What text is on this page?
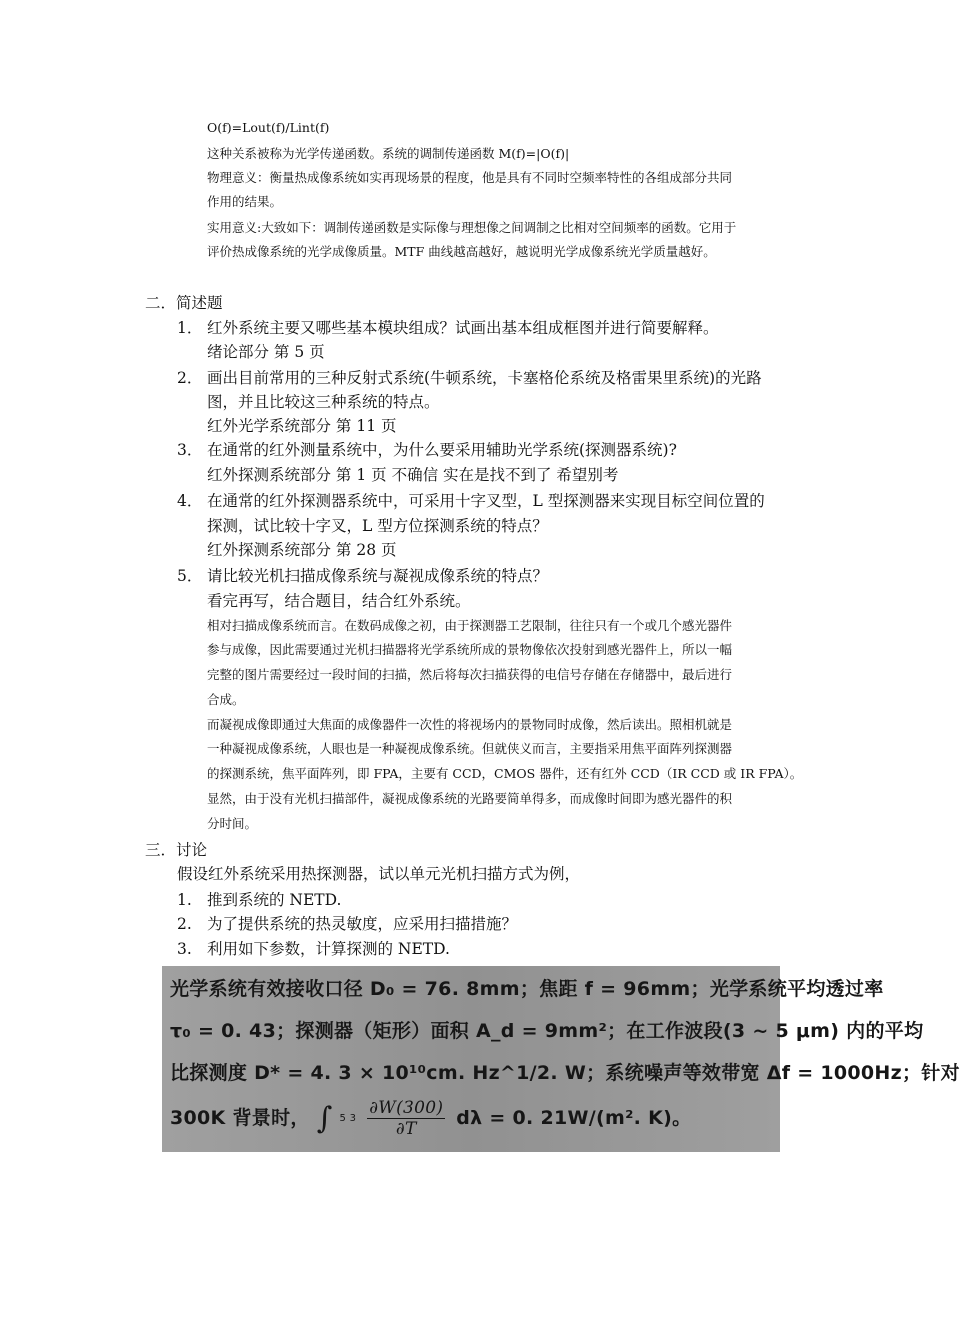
O(f)=Lout(f)/Lint(f)
这种关系被称为光学传递函数。系统的调制传递函数 M(f)=|O(f)|
物理意义：衡量热成像系统如实再现场景的程度，他是具有不同时空频率特性的各组成部分共同
作用的结果。
实用意义:大致如下：调制传递函数是实际像与理想像之间调制之比相对空间频率的函数。它用于
评价热成像系统的光学成像质量。MTF 曲线越高越好，越说明光学成像系统光学质量越好。
二．简述题
1． 红外系统主要又哪些基本模块组成？试画出基本组成框图并进行简要解释。
绪论部分 第 5 页
2． 画出目前常用的三种反射式系统(牛顿系统，卡塞格伦系统及格雷果里系统)的光路
图，并且比较这三种系统的特点。
红外光学系统部分 第 11 页
3． 在通常的红外测量系统中，为什么要采用辅助光学系统(探测器系统)?
红外探测系统部分 第 1 页 不确信 实在是找不到了 希望别考
4． 在通常的红外探测器系统中，可采用十字叉型，L 型探测器来实现目标空间位置的
探测，试比较十字叉，L 型方位探测系统的特点？
红外探测系统部分 第 28 页
5． 请比较光机扫描成像系统与凝视成像系统的特点？
看完再写，结合题目，结合红外系统。
相对扫描成像系统而言。在数码成像之初，由于探测器工艺限制，往往只有一个或几个感光器件
参与成像，因此需要通过光机扫描器将光学系统所成的景物像依次投射到感光器件上，所以一幅
完整的图片需要经过一段时间的扫描，然后将每次扫描获得的电信号存储在存储器中，最后进行
合成。
而凝视成像即通过大焦面的成像器件一次性的将视场内的景物同时成像，然后读出。照相机就是
一种凝视成像系统，人眼也是一种凝视成像系统。但就侠义而言，主要指采用焦平面阵列探测器
的探测系统，焦平面阵列，即 FPA，主要有 CCD，CMOS 器件，还有红外 CCD（IR CCD 或 IR FPA）。
显然，由于没有光机扫描部件，凝视成像系统的光路要简单得多，而成像时间即为感光器件的积
分时间。
三．讨论
假设红外系统采用热探测器，试以单元光机扫描方式为例，
1. 推到系统的 NETD.
2. 为了提供系统的热灵敏度，应采用扫描措施？
3. 利用如下参数，计算探测的 NETD.
光学系统有效接收口径 D₀ = 76. 8mm；焦距 f = 96mm；光学系统平均透过率
τ₀ = 0. 43；探测器（矩形）面积 A_d = 9mm²；在工作波段(3 ~ 5 μm) 内的平均
比探测度 D* = 4. 3 × 10¹⁰cm. Hz^1/2. W；系统噪声等效带宽 Δf = 1000Hz；针对
300K 背景时， ∫ 5 $3 \frac{\partial W(300)}{\partial T}$ dλ = 0. 21W/(m². K)。
